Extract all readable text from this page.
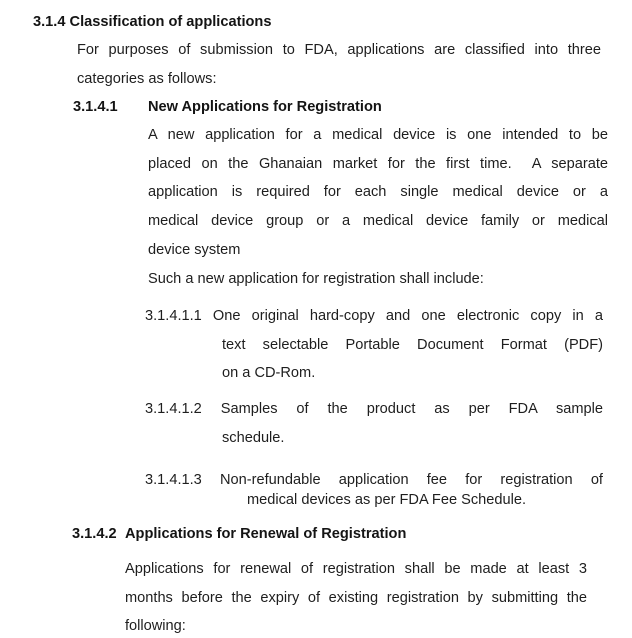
3.1.4 Classification of applications
For purposes of submission to FDA, applications are classified into three
categories as follows:
3.1.4.1 New Applications for Registration
A new application for a medical device is one intended to be
placed on the Ghanaian market for the first time.  A separate
application is required for each single medical device or a
medical device group or a medical device family or medical
device system
Such a new application for registration shall include:
3.1.4.1.1 One original hard-copy and one electronic copy in a
text selectable Portable Document Format (PDF)
on a CD-Rom.
3.1.4.1.2 Samples of the product as per FDA sample
schedule.
3.1.4.1.3 Non-refundable application fee for registration of
medical devices as per FDA Fee Schedule.
3.1.4.2 Applications for Renewal of Registration
Applications for renewal of registration shall be made at least 3
months before the expiry of existing registration by submitting the
following:
